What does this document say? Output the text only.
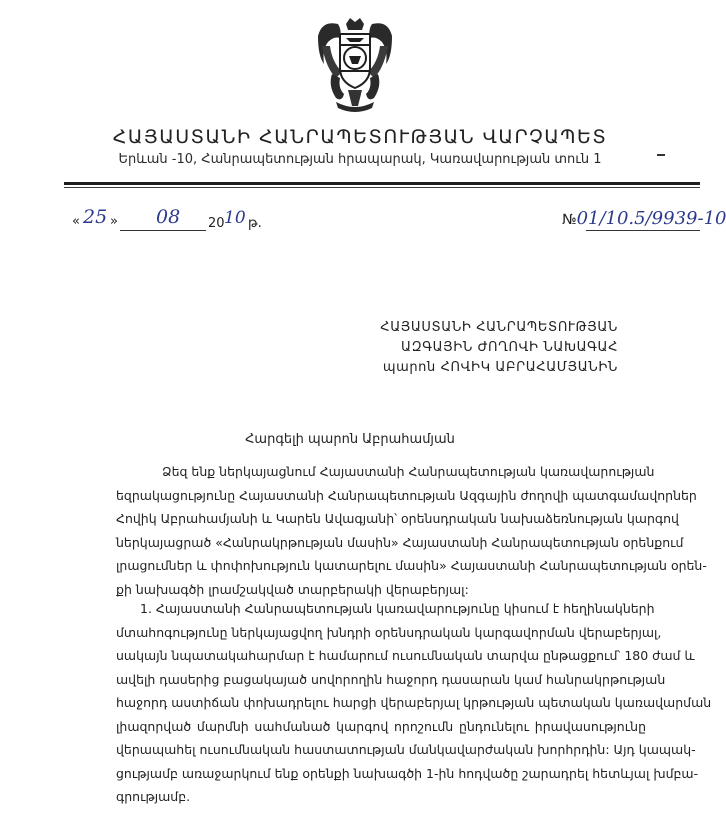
ՀԱՅԱՍՏԱՆԻ ՀԱՆՐԱՊԵՏՈՒԹՅԱՆ ՎԱՐՉԱՊԵՏ
Երևան -10, Հանրապետության հրապարակ, Կառավարության տուն 1
« 25 » 08 20 10 թ.	№01/10.5/9939-10
ՀԱՅԱՍՏԱՆԻ ՀԱՆՐԱՊԵՏՈՒԹՅԱՆ
ԱԶԳԱՅԻՆ ԺՈՂՈՎԻ ՆԱԽԱԳԱՀ
պարոն ՀՈՎԻԿ ԱԲՐԱՀԱՄՅԱՆԻՆ
Հարգելի պարոն Աբրահամյան
Ձեզ ենք ներկայացնում Հայաստանի Հանրապետության կառավարության
եզրակացությունը Հայաստանի Հանրապետության Ազգային ժողովի պատգամավորներ
Հովիկ Աբրահամյանի և Կարեն Ավագյանի՝ օրենսդրական նախաձեռնության կարգով
ներկայացրած «Հանրակրթության մասին» Հայաստանի Հանրապետության օրենքում
լրացումներ և փոփոխություն կատարելու մասին» Հայաստանի Հանրապետության օրեն-
քի նախագծի լրամշակված տարբերակի վերաբերյալ:
1. Հայաստանի Հանրապետության կառավարությունը կիսում է հեղինակների
մտահոգությունը ներկայացվող խնդրի օրենսդրական կարգավորման վերաբերյալ,
սակայն նպատակահարմար է համարում ուսումնական տարվա ընթացքում՝ 180 ժամ և
ավելի դասերից բացակայած սովորողին հաջորդ դասարան կամ հանրակրթության
հաջորդ աստիճան փոխադրելու հարցի վերաբերյալ կրթության պետական կառավարման
լիազորված մարմնի սահմանած կարգով որոշումն ընդունելու իրավասությունը
վերապահել ուսումնական հաստատության մանկավարժական խորհրդին: Այդ կապակ-
ցությամբ առաջարկում ենք օրենքի նախագծի 1-ին հոդվածը շարադրել հետևյալ խմբա-
գրությամբ.
